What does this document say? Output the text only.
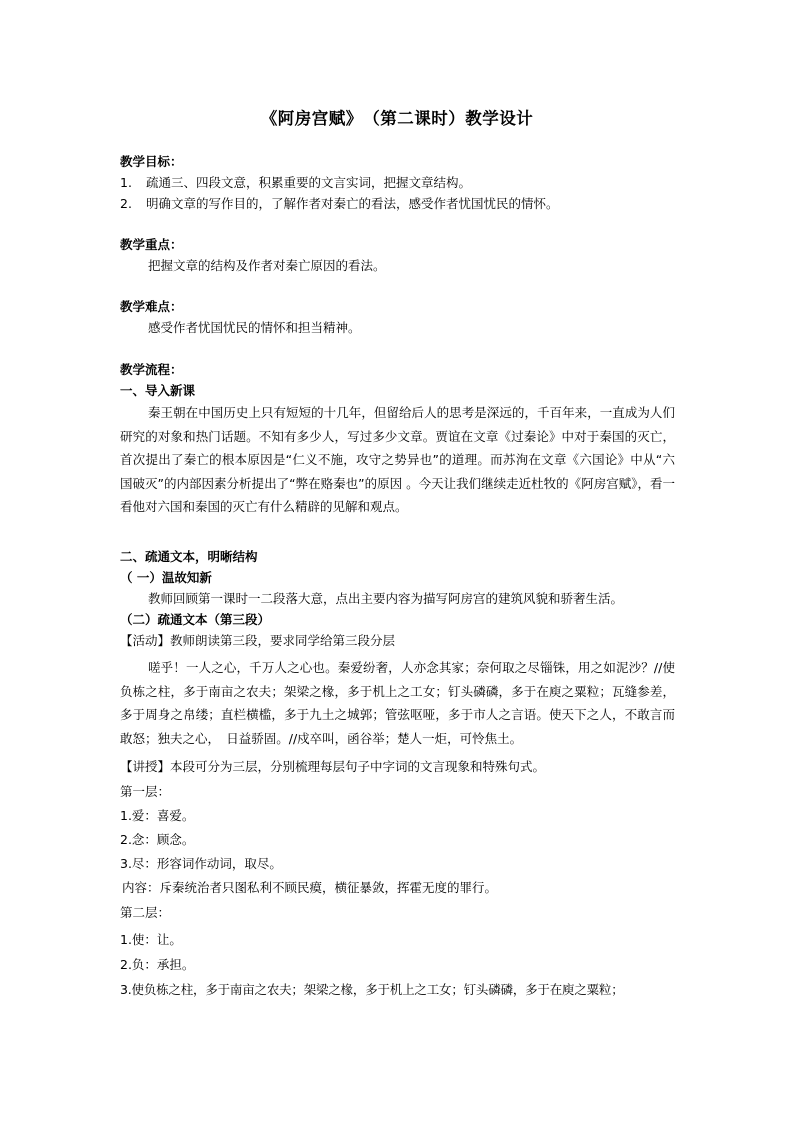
《阿房宫赋》　（第二课时）教学设计
教学目标：
1. 疏通三、四段文意，积累重要的文言实词，把握文章结构。
2. 明确文章的写作目的，了解作者对秦亡的看法，感受作者忧国忧民的情怀。
教学重点：
把握文章的结构及作者对秦亡原因的看法。
教学难点：
感受作者忧国忧民的情怀和担当精神。
教学流程：
一、导入新课
秦王朝在中国历史上只有短短的十几年，但留给后人的思考是深远的，千百年来，一直成为人们研究的对象和热门话题。不知有多少人，写过多少文章。贾谊在文章《过秦论》中对于秦国的灭亡，首次提出了秦亡的根本原因是“仁义不施，攻守之势异也”的道理。而苏洵在文章《六国论》中从“六国破灭”的内部因素分析提出了“弊在赂秦也”的原因 。今天让我们继续走近杜牧的《阿房宫赋》，看一看他对六国和秦国的灭亡有什么精辟的见解和观点。
二、疏通文本，明晰结构
（ 一）温故知新
教师回顾第一课时一二段落大意，点出主要内容为描写阿房宫的建筑风貌和骄奢生活。
（二）疏通文本（第三段）
【活动】教师朗读第三段，要求同学给第三段分层
嗟乎！一人之心，千万人之心也。秦爱纷奢，人亦念其家；奈何取之尽锱铢，用之如泥沙？//使负栋之柱，多于南亩之农夫；架梁之椽，多于机上之工女；钉头磷磷，多于在庾之粟粒；瓦缝参差，多于周身之帛缕；直栏横槛，多于九土之城郭；管弦呕哑，多于市人之言语。使天下之人，不敢言而敢怒；独夫之心，　日益骄固。//戍卒叫，函谷举；楚人一炬，可怜焦土。
【讲授】本段可分为三层，分别梳理每层句子中字词的文言现象和特殊句式。
第一层：
1.爱：喜爱。
2.念：顾念。
3.尽：形容词作动词，取尽。
内容：斥秦统治者只图私利不顾民瘼，横征暴敛，挥霍无度的罪行。
第二层：
1.使：让。
2.负：承担。
3.使负栋之柱，多于南亩之农夫；架梁之椽，多于机上之工女；钉头磷磷，多于在庾之粟粒；
